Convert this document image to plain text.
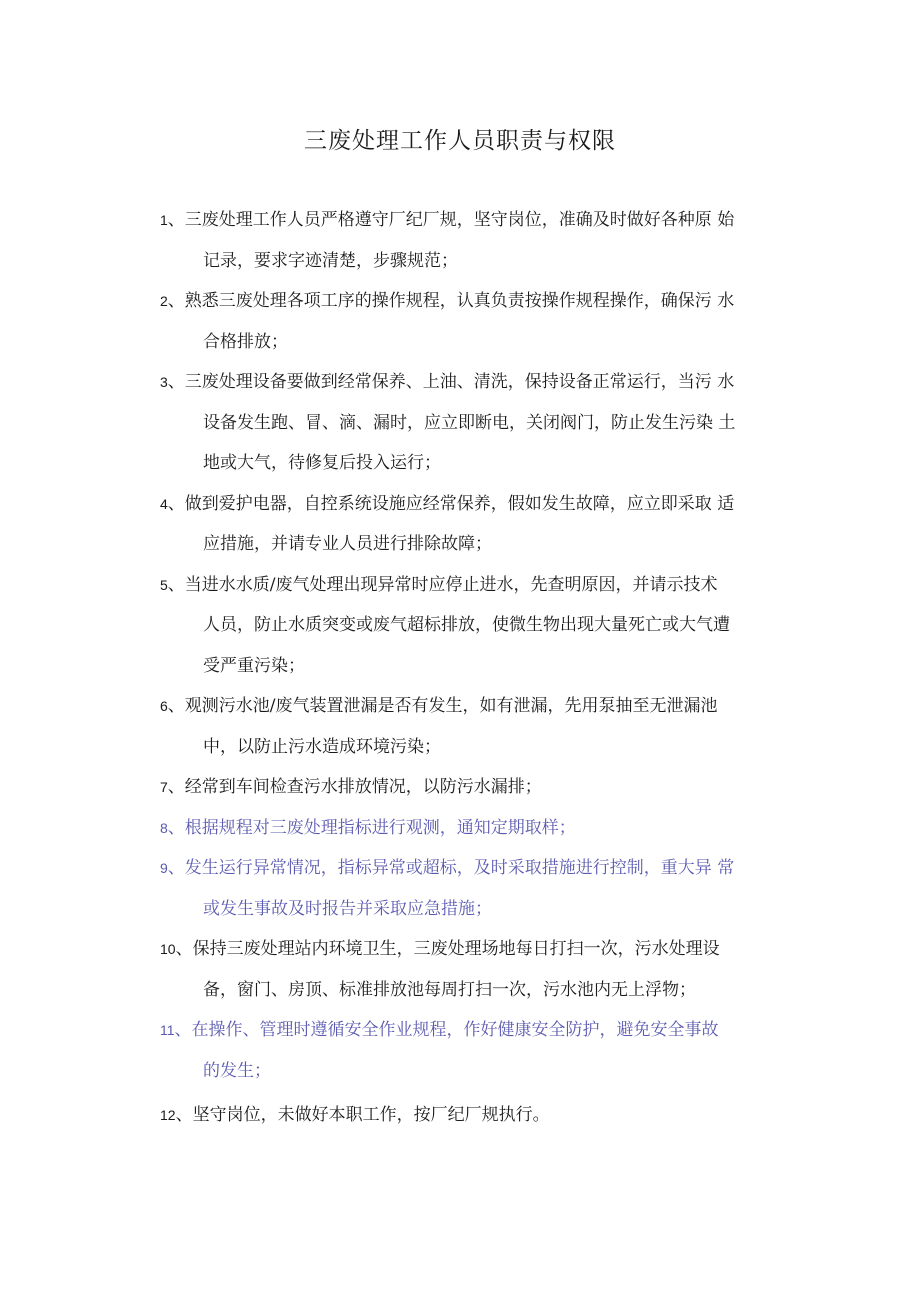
三废处理工作人员职责与权限
1、三废处理工作人员严格遵守厂纪厂规，坚守岗位，准确及时做好各种原 始
记录，要求字迹清楚，步骤规范；
2、熟悉三废处理各项工序的操作规程，认真负责按操作规程操作，确保污 水
合格排放；
3、三废处理设备要做到经常保养、上油、清洗，保持设备正常运行，当污 水
设备发生跑、冒、滴、漏时，应立即断电，关闭阀门，防止发生污染 土
地或大气，待修复后投入运行；
4、做到爱护电器，自控系统设施应经常保养，假如发生故障，应立即采取 适
应措施，并请专业人员进行排除故障；
5、当进水水质/废气处理出现异常时应停止进水，先查明原因，并请示技术
人员，防止水质突变或废气超标排放，使微生物出现大量死亡或大气遭
受严重污染；
6、观测污水池/废气装置泄漏是否有发生，如有泄漏，先用泵抽至无泄漏池
中，以防止污水造成环境污染；
7、经常到车间检查污水排放情况，以防污水漏排；
8、根据规程对三废处理指标进行观测，通知定期取样；
9、发生运行异常情况，指标异常或超标，及时采取措施进行控制，重大异 常
或发生事故及时报告并采取应急措施；
10、保持三废处理站内环境卫生，三废处理场地每日打扫一次，污水处理设
备，窗门、房顶、标准排放池每周打扫一次，污水池内无上浮物；
11、在操作、管理时遵循安全作业规程，作好健康安全防护，避免安全事故
的发生；
12、坚守岗位，未做好本职工作，按厂纪厂规执行。
